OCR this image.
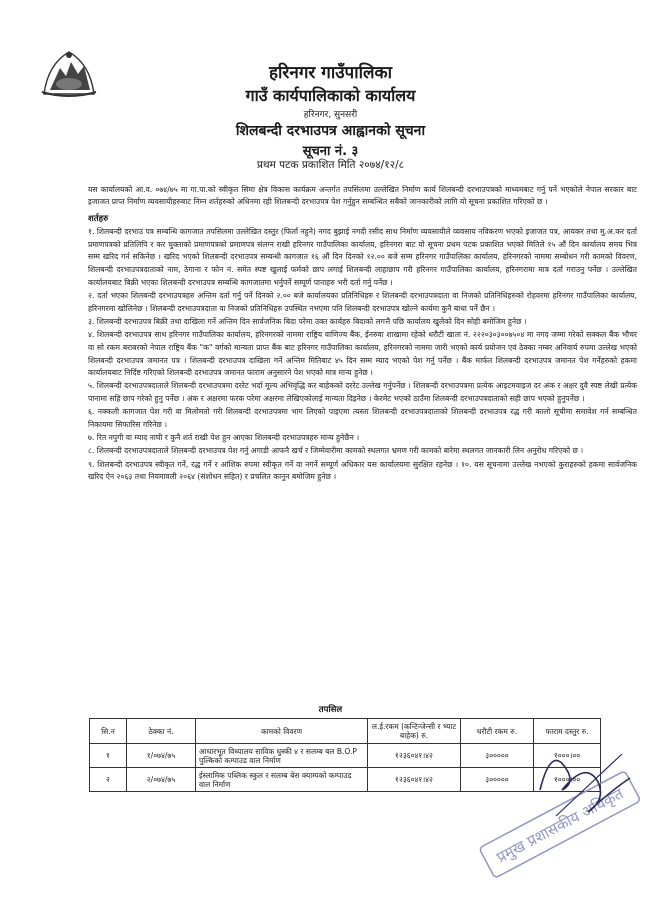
हरिनगर गाउँपालिका
गाउँ कार्यपालिकाको कार्यालय
हरिनगर, सुनसरी
शिलबन्दी दरभाउपत्र आह्वानको सूचना
सूचना नं. ३
प्रथम पटक प्रकाशित मिति २०७४/१२/८

यस कार्यालयको आ.व. ०७४/७५ मा गा.पा.को स्वीकृत सिमा क्षेत्र विकास कार्यक्रम अन्तर्गत तपसिलमा उल्लेखित निर्माण कार्य शिलबन्दी दरभाउपत्रको माध्यमबाट गर्नु पर्ने भएकोले नेपाल सरकार बाट इजाजत प्राप्त निर्माण व्यवसायीहरुबाट निम्न शर्तहरुको अधिनमा रही शिलबन्दी दरभाउपत्र पेश गर्नुहुन सम्बन्धित सबैको जानकारीको लागि यो सूचना प्रकाशित गरिएको छ ।

शर्तहरु

१. शिलबन्दी दरभाउ पत्र सम्बन्धि कागजात तपसिलमा उल्लेखित दस्तुर (फिर्ता नहुने) नगद बुझाई नगदी रसीद साथ निर्माण व्यवसायीले व्यवसाय नविकरण भएको इजाजत पत्र, आयकर तथा मु.अ.कर दर्ता प्रमाणपत्रको प्रतिलिपि र कर चुक्ताको प्रमाणपत्रको प्रमाणपत्र संलग्न राखी हरिनगर गाउँपालिका कार्यालय, हरिनगरा बाट यो सूचना प्रथम पटक प्रकाशित भएको मितिले १५ औं दिन कार्यालय समय भित्र सम्म खरिद गर्न सकिनेछ । खरिद भएको शिलबन्दी दरभाउपत्र सम्बन्धी कागजात १६ औं दिन दिनको १२.०० बजे सम्म हरिनगर गाउँपालिका कार्यालय, हरिनगरको नाममा सम्बोधन गरी कामको विवरण, शिलबन्दी दरभाउपत्रदाताको नाम, ठेगाना र फोन नं. समेत स्पष्ट खुलाई फर्मको छाप लगाई शिलबन्दी लाहाछाप गरी हरिनगर गाउँपालिका कार्यालय, हरिनगरामा मात्र दर्ता गराउनु पर्नेछ । उल्लेखित कार्यालयबाट बिक्री भएका शिलबन्दी दरभाउपत्र सम्बन्धि कागजातमा भर्नुपर्ने सम्पूर्ण पानाहरु भरी दर्ता गर्नु पर्नेछ ।

२. दर्ता भएका शिलबन्दी दरभाउपत्रहरु अन्तिम दर्ता गर्नु पर्ने दिनको २.०० बजे कार्यालयका प्रतिनिधिहरु र शिलबन्दी दरभाउपत्रदाता वा निजको प्रतिनिधिहरुको रोहवरमा हरिनगर गाउँपालिका कार्यालय, हरिनगरमा खोलिनेछ । शिलबन्दी दरभाउपत्रदाता वा निजको प्रतिनिधिहरु उपस्थित नभएमा पनि शिलबन्दी दरभाउपत्र खोल्ने कार्यमा कुनै बाधा पर्ने छैन ।

३. शिलबन्दी दरभाउपत्र बिक्री तथा दाखिला गर्ने अन्तिम दिन सार्वजनिक बिदा परेमा उक्त कार्यहरु बिदाको लगत्तै पछि कार्यालय खुलेको दिन सोही बमोजिम हुनेछ ।

४. शिलबन्दी दरभाउपत्र साथ हरिनगर गाउँपालिका कार्यालय, हरिनगरको नाममा राष्ट्रिय वाणिज्य बैंक, ईनरुवा शाखामा रहेको धरौटी खाता नं. २२२०३०३००७५०४ मा नगद जम्मा गरेको सक्कल बैंक भौचर वा सो रकम बराबरको नेपाल राष्ट्रिय बैंक "क" वर्गको मान्यता प्राप्त बैंक बाट हरिनगर गाउँपालिका कार्यालय, हरिनगरको नाममा जारी भएको कार्य प्रयोजन एवं ठेक्का नम्बर अनिवार्य रुपमा उल्लेख भएको शिलबन्दी दरभाउपत्र जमानत पत्र । शिलबन्दी दरभाउपत्र दाखिला गर्ने अन्तिम मितिबाट ४५ दिन सम्म म्याद भएको पेश गर्नु पर्नेछ । बैंक मार्फत शिलबन्दी दरभाउपत्र जमानत पेश गर्नेहरुको हकमा कार्यालयबाट निर्दिष्ट गरिएको शिलबन्दी दरभाउपत्र जमानत फाराम अनुसारने पेश भएको मात्र मान्य हुनेछ ।

५. शिलबन्दी दरभाउपत्रदाताले शिलबन्दी दरभाउपत्रमा दररेट भर्दा मूल्य अभिवृद्धि कर बाहेकको दररेट उल्लेख गर्नुपर्नेछ । शिलबन्दी दरभाउपत्रमा प्रत्येक आइटमवाइज दर अंक र अक्षर दुवै स्पष्ट लेखी प्रत्येक पानामा सहि छाप गरेको हुनु पर्नेछ । अंक र अक्षरमा फरक परेमा अक्षरमा लेखिएकोलाई मान्यता दिइनेछ । केरमेट भएको ठाउँमा शिलबन्दी दरभाउपत्रदाताको सही छाप भएको हुनुपर्नेछ ।

६. नक्कली कागजात पेश गरी वा मिलोमतो गरी शिलबन्दी दरभाउपत्रमा भाग लिएको पाइएमा त्यस्ता शिलबन्दी दरभाउपत्रदाताको शिलबन्दी दरभाउपत्र रद्ध गरी कालो सूचीमा समावेश गर्न सम्बन्धित निकायमा सिफारिस गरिनेछ ।

७. रित नपुगी वा म्याद नाघी र कुनै शर्त राखी पेश हुन आएका शिलबन्दी दरभाउपत्रहरु मान्य हुनेछैन ।

८. शिलबन्दी दरभाउपत्रदाताले शिलबन्दी दरभाउपत्र पेश गर्नु अगाडी आफनै खर्च र जिम्मेवारीमा कामको स्थलगत भ्रमण गरी कामको बारेमा स्थलगत जानकारी लिन अनुरोध गरिएको छ ।

९. शिलबन्दी दरभाउपत्र स्वीकृत गर्ने, रद्ध गर्ने र आंशिक रुपमा स्वीकृत गर्ने वा नगर्ने सम्पूर्ण अधिकार यस कार्यालयमा सुरक्षित रहनेछ । १०. यस सूचनामा उल्लेख नभएको कुराहरुको हकमा सार्वजनिक खरिद ऐन २०६३ तथा नियमावली २०६४ (संशोधन सहित) र प्रचलित कानुन बमोजिम हुनेछ ।

तपसिल
सि.न	ठेक्का नं.	कामको विवरण	ल.ई.रकम (कन्टिन्जेन्सी र भ्याट बाहेक) रु.	धरौटी रकम रु.	फाराम दस्तुर रु.
१	१/०७४/७५	आधारभूत विध्यालय साविक धुस्की ४ र सलम्ब बल B.O.P पुल्किको कम्पाउड वाल निर्माण	१२३६०४१।४२	३०००००	१०००।००
२	२/०७४/७५	ईस्लामिक पब्लिक स्कुल र सलम्ब बेस क्याम्पको कम्पाउड वाल निर्माण	१२३६०४१।४२	३०००००	१०००।००
प्रमुख प्रशासकीय अधिकृत
